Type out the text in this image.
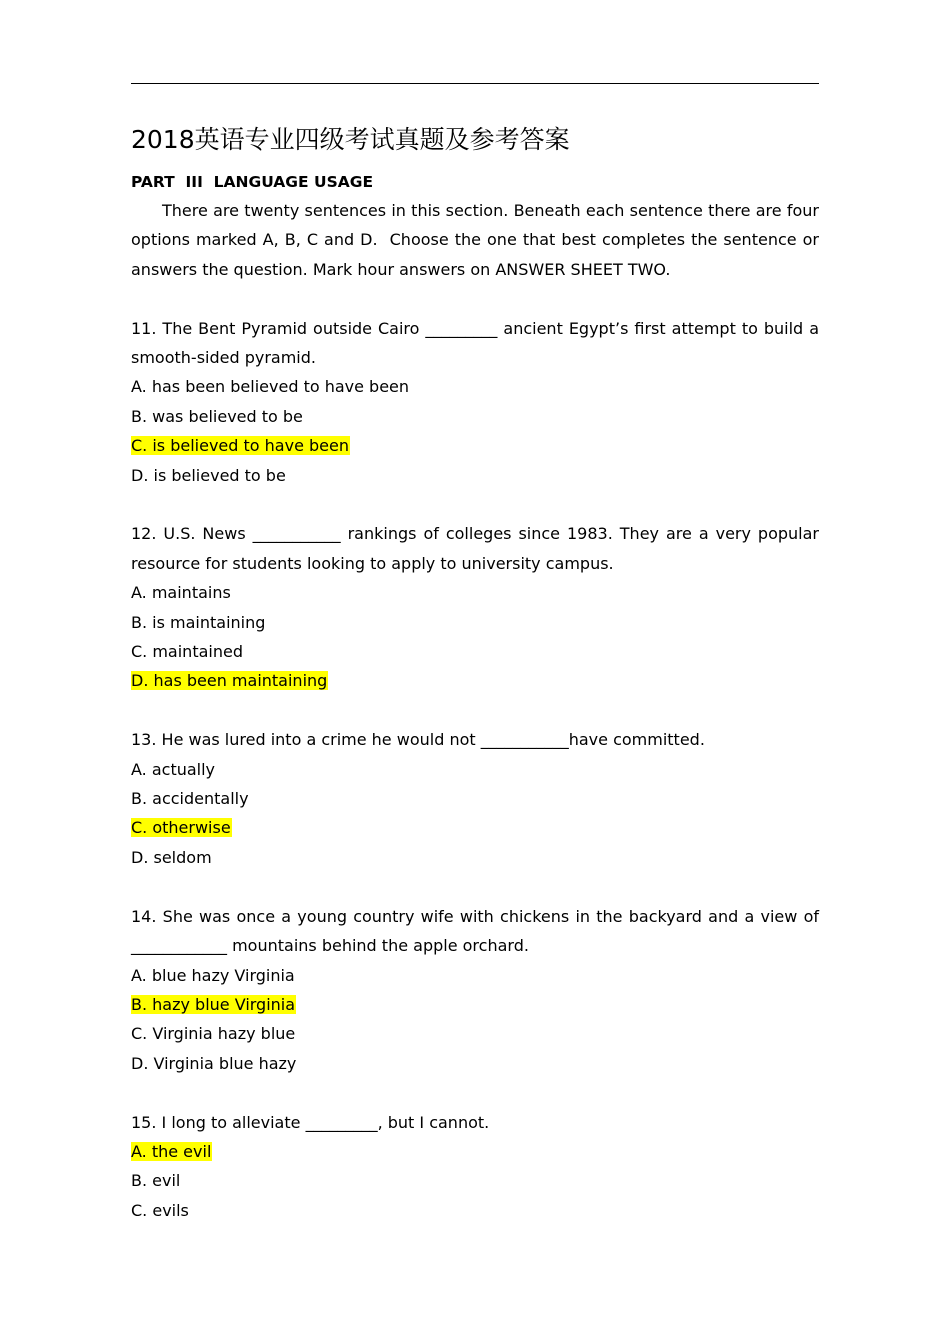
2018英语专业四级考试真题及参考答案
PART  III  LANGUAGE USAGE

There are twenty sentences in this section. Beneath each sentence there are four options marked A, B, C and D.  Choose the one that best completes the sentence or answers the question. Mark hour answers on ANSWER SHEET TWO.

11. The Bent Pyramid outside Cairo _________ ancient Egypt’s first attempt to build a smooth-sided pyramid.

A. has been believed to have been

B. was believed to be

C. is believed to have been

D. is believed to be

12. U.S. News ___________ rankings of colleges since 1983. They are a very popular resource for students looking to apply to university campus.

A. maintains

B. is maintaining

C. maintained

D. has been maintaining

13. He was lured into a crime he would not ___________have committed.

A. actually

B. accidentally

C. otherwise

D. seldom

14. She was once a young country wife with chickens in the backyard and a view of ____________ mountains behind the apple orchard.

A. blue hazy Virginia

B. hazy blue Virginia

C. Virginia hazy blue

D. Virginia blue hazy

15. I long to alleviate _________, but I cannot.

A. the evil

B. evil

C. evils
